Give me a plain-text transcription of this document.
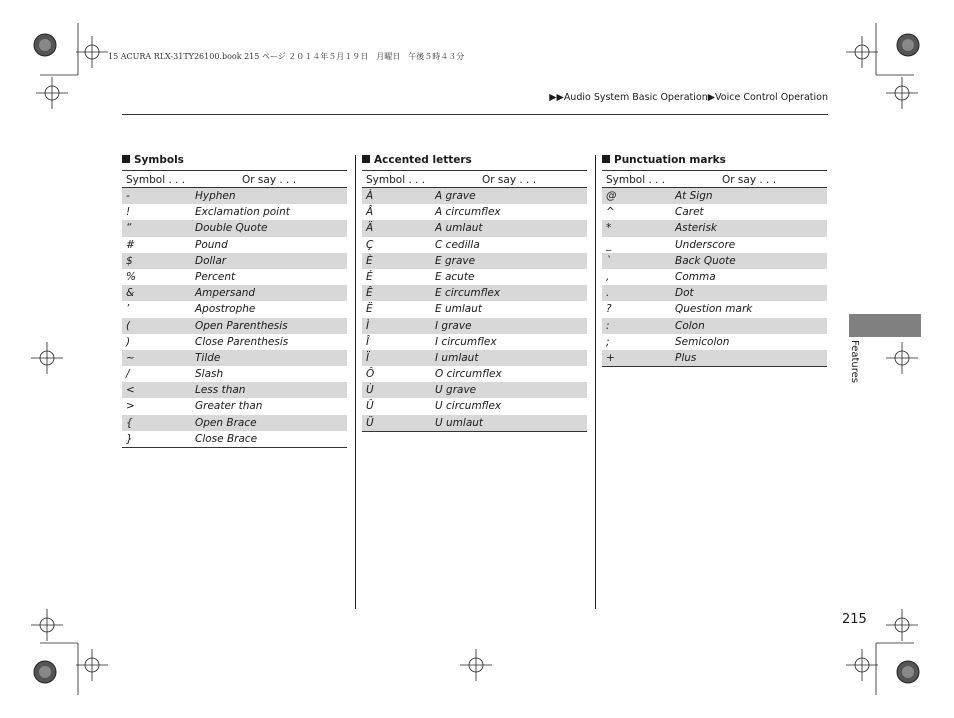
15 ACURA RLX-31TY26100.book 215 ページ ２０１４年５月１９日　月曜日　午後５時４３分
▶▶Audio System Basic Operation▶Voice Control Operation
Symbols
Symbol . . .	Or say . . .
-	Hyphen
!	Exclamation point
“	Double Quote
#	Pound
$	Dollar
%	Percent
&	Ampersand
’	Apostrophe
(	Open Parenthesis
)	Close Parenthesis
~	Tilde
/	Slash
<	Less than
>	Greater than
{	Open Brace
}	Close Brace
Accented letters
Symbol . . .	Or say . . .
À	A grave
Â	A circumflex
Ä	A umlaut
Ç	C cedilla
È	E grave
É	E acute
Ê	E circumflex
Ë	E umlaut
Ì	I grave
Î	I circumflex
Ï	I umlaut
Ô	O circumflex
Ù	U grave
Û	U circumflex
Ü	U umlaut
Punctuation marks
Symbol . . .	Or say . . .
@	At Sign
^	Caret
*	Asterisk
_	Underscore
`	Back Quote
,	Comma
.	Dot
?	Question mark
:	Colon
;	Semicolon
+	Plus	Features
215
